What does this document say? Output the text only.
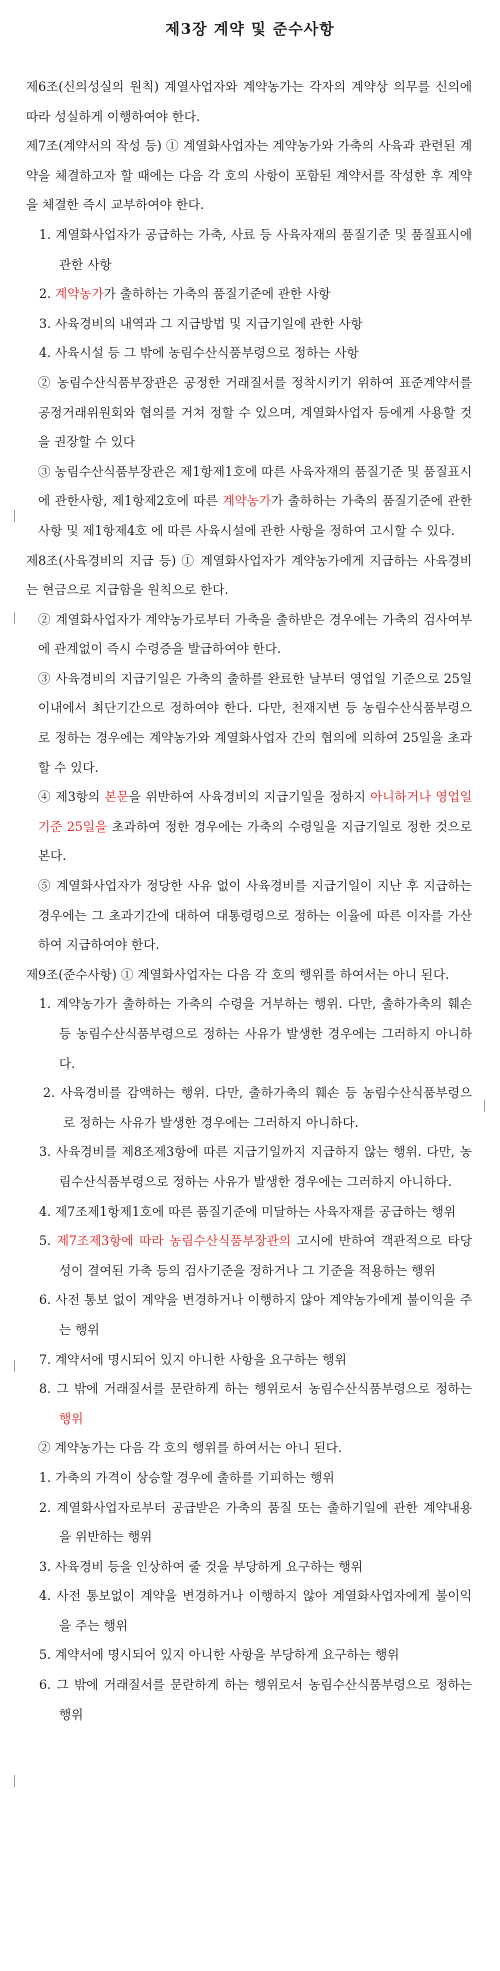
제3장 계약 및 준수사항

제6조(신의성실의 원칙) 계열사업자와 계약농가는 각자의 계약상 의무를 신의에 따라 성실하게 이행하여야 한다.

제7조(계약서의 작성 등) ① 계열화사업자는 계약농가와 가축의 사육과 관련된 계약을 체결하고자 할 때에는 다음 각 호의 사항이 포함된 계약서를 작성한 후 계약을 체결한 즉시 교부하여야 한다.

1. 계열화사업자가 공급하는 가축, 사료 등 사육자재의 품질기준 및 품질표시에 관한 사항

2. 계약농가가 출하하는 가축의 품질기준에 관한 사항

3. 사육경비의 내역과 그 지급방법 및 지급기일에 관한 사항

4. 사육시설 등 그 밖에 농림수산식품부령으로 정하는 사항

② 농림수산식품부장관은 공정한 거래질서를 정착시키기 위하여 표준계약서를 공정거래위원회와 협의를 거쳐 정할 수 있으며, 계열화사업자 등에게 사용할 것을 권장할 수 있다

③ 농림수산식품부장관은 제1항제1호에 따른 사육자재의 품질기준 및 품질표시에 관한사항, 제1항제2호에 따른 계약농가가 출하하는 가축의 품질기준에 관한사항 및 제1항제4호 에 따른 사육시설에 관한 사항을 정하여 고시할 수 있다.

제8조(사육경비의 지급 등) ① 계열화사업자가 계약농가에게 지급하는 사육경비는 현금으로 지급함을 원칙으로 한다.

② 계열화사업자가 계약농가로부터 가축을 출하받은 경우에는 가축의 검사여부에 관계없이 즉시 수령증을 발급하여야 한다.

③ 사육경비의 지급기일은 가축의 출하를 완료한 날부터 영업일 기준으로 25일 이내에서 최단기간으로 정하여야 한다. 다만, 천재지변 등 농림수산식품부령으로 정하는 경우에는 계약농가와 계열화사업자 간의 협의에 의하여 25일을 초과할 수 있다.

④ 제3항의 본문을 위반하여 사육경비의 지급기일을 정하지 아니하거나 영업일 기준 25일을 초과하여 정한 경우에는 가축의 수령일을 지급기일로 정한 것으로 본다.

⑤ 계열화사업자가 정당한 사유 없이 사육경비를 지급기일이 지난 후 지급하는 경우에는 그 초과기간에 대하여 대통령령으로 정하는 이율에 따른 이자를 가산하여 지급하여야 한다.

제9조(준수사항) ① 계열화사업자는 다음 각 호의 행위를 하여서는 아니 된다.

1. 계약농가가 출하하는 가축의 수령을 거부하는 행위. 다만, 출하가축의 훼손 등 농림수산식품부령으로 정하는 사유가 발생한 경우에는 그러하지 아니하다.

2. 사육경비를 감액하는 행위. 다만, 출하가축의 훼손 등 농림수산식품부령으로 정하는 사유가 발생한 경우에는 그러하지 아니하다.

3. 사육경비를 제8조제3항에 따른 지급기일까지 지급하지 않는 행위. 다만, 농림수산식품부령으로 정하는 사유가 발생한 경우에는 그러하지 아니하다.

4. 제7조제1항제1호에 따른 품질기준에 미달하는 사육자재를 공급하는 행위

5. 제7조제3항에 따라 농림수산식품부장관의 고시에 반하여 객관적으로 타당성이 결여된 가축 등의 검사기준을 정하거나 그 기준을 적용하는 행위

6. 사전 통보 없이 계약을 변경하거나 이행하지 않아 계약농가에게 불이익을 주는 행위

7. 계약서에 명시되어 있지 아니한 사항을 요구하는 행위

8. 그 밖에 거래질서를 문란하게 하는 행위로서 농림수산식품부령으로 정하는 행위

② 계약농가는 다음 각 호의 행위를 하여서는 아니 된다.

1. 가축의 가격이 상승할 경우에 출하를 기피하는 행위

2. 계열화사업자로부터 공급받은 가축의 품질 또는 출하기일에 관한 계약내용을 위반하는 행위

3. 사육경비 등을 인상하여 줄 것을 부당하게 요구하는 행위

4. 사전 통보없이 계약을 변경하거나 이행하지 않아 계열화사업자에게 불이익을 주는 행위

5. 계약서에 명시되어 있지 아니한 사항을 부당하게 요구하는 행위

6. 그 밖에 거래질서를 문란하게 하는 행위로서 농림수산식품부령으로 정하는 행위
